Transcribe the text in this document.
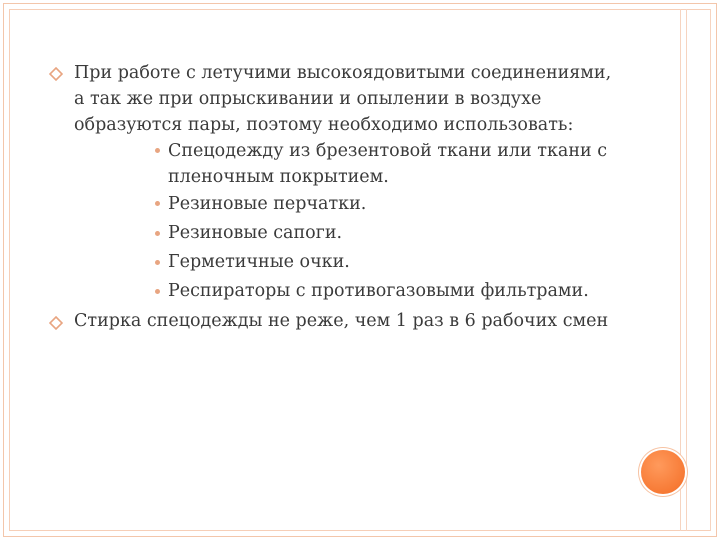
При работе с летучими высокоядовитыми соединениями,
а так же при опрыскивании и опылении в воздухе
образуются пары, поэтому необходимо использовать:
Спецодежду из брезентовой ткани или ткани с
пленочным покрытием.
Резиновые перчатки.
Резиновые сапоги.
Герметичные очки.
Респираторы с противогазовыми фильтрами.
Стирка спецодежды не реже, чем 1 раз в 6 рабочих смен
